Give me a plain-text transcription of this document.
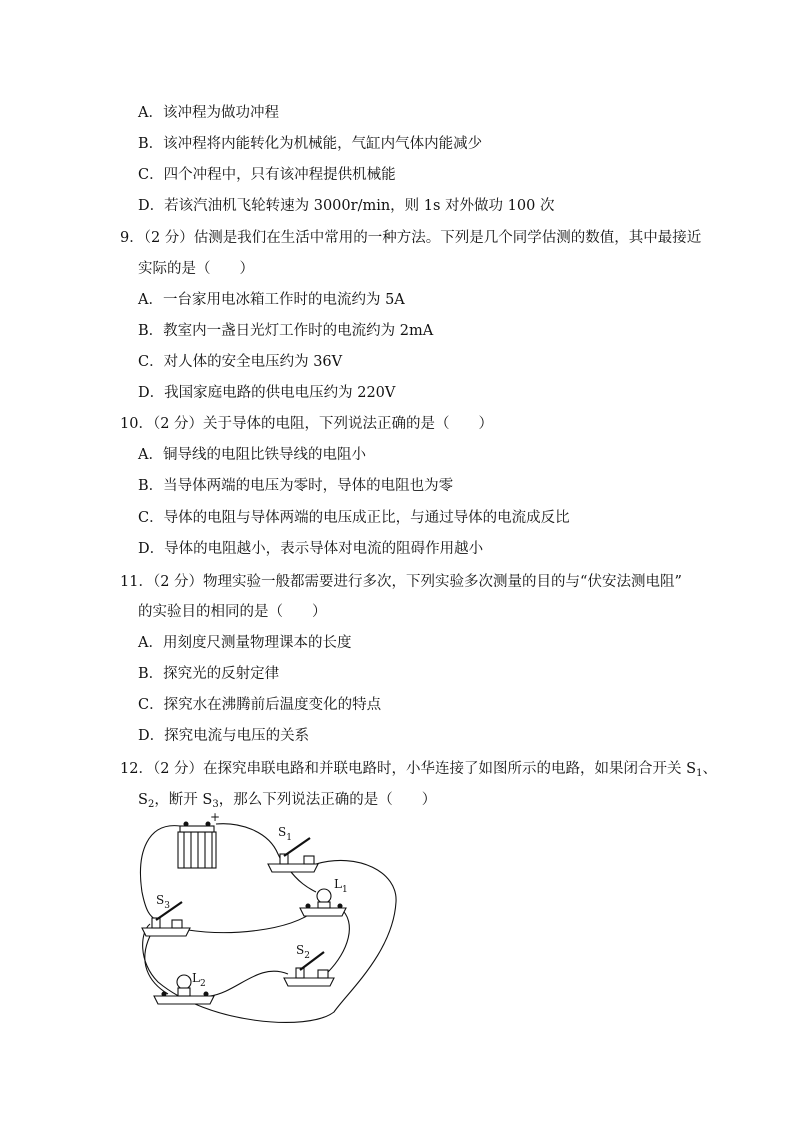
A．该冲程为做功冲程
B．该冲程将内能转化为机械能，气缸内气体内能减少
C．四个冲程中，只有该冲程提供机械能
D．若该汽油机飞轮转速为 3000r/min，则 1s 对外做功 100 次
9．（2 分）估测是我们在生活中常用的一种方法。下列是几个同学估测的数值，其中最接近
实际的是（　　）
A．一台家用电冰箱工作时的电流约为 5A
B．教室内一盏日光灯工作时的电流约为 2mA
C．对人体的安全电压约为 36V
D．我国家庭电路的供电电压约为 220V
10．（2 分）关于导体的电阻，下列说法正确的是（　　）
A．铜导线的电阻比铁导线的电阻小
B．当导体两端的电压为零时，导体的电阻也为零
C．导体的电阻与导体两端的电压成正比，与通过导体的电流成反比
D．导体的电阻越小，表示导体对电流的阻碍作用越小
11．（2 分）物理实验一般都需要进行多次，下列实验多次测量的目的与“伏安法测电阻”
的实验目的相同的是（　　）
A．用刻度尺测量物理课本的长度
B．探究光的反射定律
C．探究水在沸腾前后温度变化的特点
D．探究电流与电压的关系
12．（2 分）在探究串联电路和并联电路时，小华连接了如图所示的电路，如果闭合开关 $S_1$、
$S_2$，断开 $S_3$，那么下列说法正确的是（　　）
+
$S_1$
$L_1$
$S_3$
$S_2$
$L_2$
